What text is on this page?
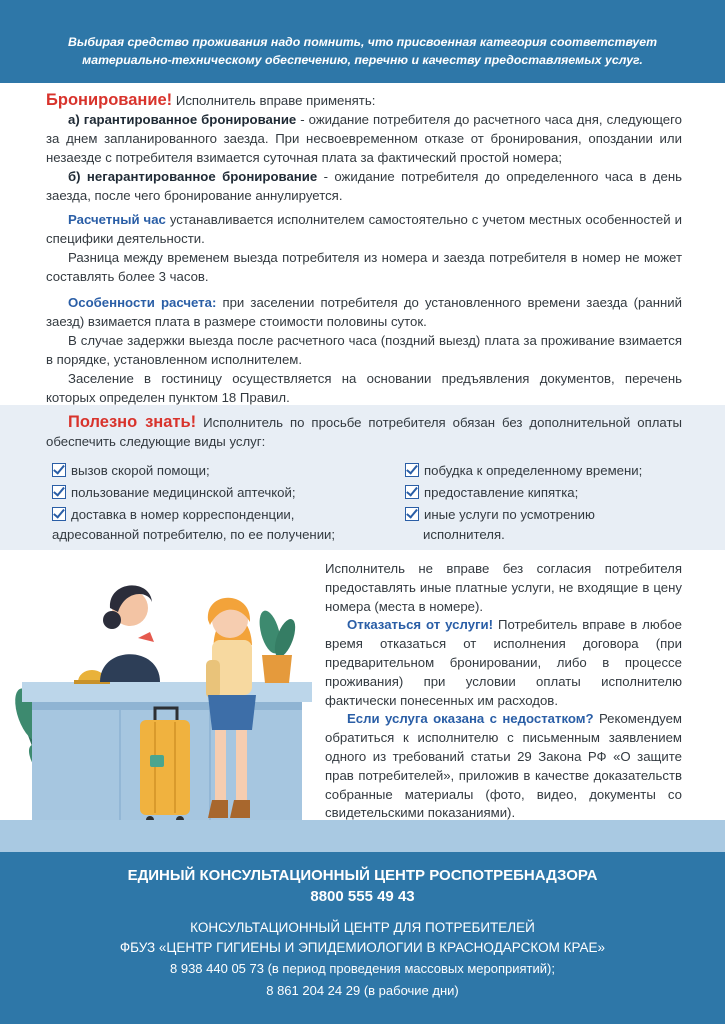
Выбирая средство проживания надо помнить, что присвоенная категория соответствует
материально-техническому обеспечению, перечню и качеству предоставляемых услуг.

Бронирование! Исполнитель вправе применять:

а) гарантированное бронирование - ожидание потребителя до расчетного часа дня, следующего за днем запланированного заезда. При несвоевременном отказе от бронирования, опоздании или незаезде с потребителя взимается суточная плата за фактический простой номера;

б) негарантированное бронирование - ожидание потребителя до определенного часа в день заезда, после чего бронирование аннулируется.

Расчетный час устанавливается исполнителем самостоятельно с учетом местных особенностей и специфики деятельности.

Разница между временем выезда потребителя из номера и заезда потребителя в номер не может составлять более 3 часов.

Особенности расчета: при заселении потребителя до установленного времени заезда (ранний заезд) взимается плата в размере стоимости половины суток.

В случае задержки выезда после расчетного часа (поздний выезд) плата за проживание взимается в порядке, установленном исполнителем.

Заселение в гостиницу осуществляется на основании предъявления документов, перечень которых определен пунктом 18 Правил.

Полезно знать! Исполнитель по просьбе потребителя обязан без дополнительной оплаты обеспечить следующие виды услуг:

вызов скорой помощи;
пользование медицинской аптечкой;
доставка в номер корреспонденции,
адресованной потребителю, по ее получении;
побудка к определенному времени;
предоставление кипятка;
иные услуги по усмотрению
исполнителя.

Исполнитель не вправе без согласия потребителя предоставлять иные платные услуги, не входящие в цену номера (места в номере).

Отказаться от услуги! Потребитель вправе в любое время отказаться от исполнения договора (при предварительном бронировании, либо в процессе проживания) при условии оплаты исполнителю фактически понесенных им расходов.

Если услуга оказана с недостатком? Рекомендуем обратиться к исполнителю с письменным заявлением одного из требований статьи 29 Закона РФ «О защите прав потребителей», приложив в качестве доказательств собранные материалы (фото, видео, документы со свидетельскими показаниями).

ЕДИНЫЙ КОНСУЛЬТАЦИОННЫЙ ЦЕНТР РОСПОТРЕБНАДЗОРА
8800 555 49 43
КОНСУЛЬТАЦИОННЫЙ ЦЕНТР ДЛЯ ПОТРЕБИТЕЛЕЙ
ФБУЗ «ЦЕНТР ГИГИЕНЫ И ЭПИДЕМИОЛОГИИ В КРАСНОДАРСКОМ КРАЕ»
8 938 440 05 73 (в период проведения массовых мероприятий);
8 861 204 24 29 (в рабочие дни)
